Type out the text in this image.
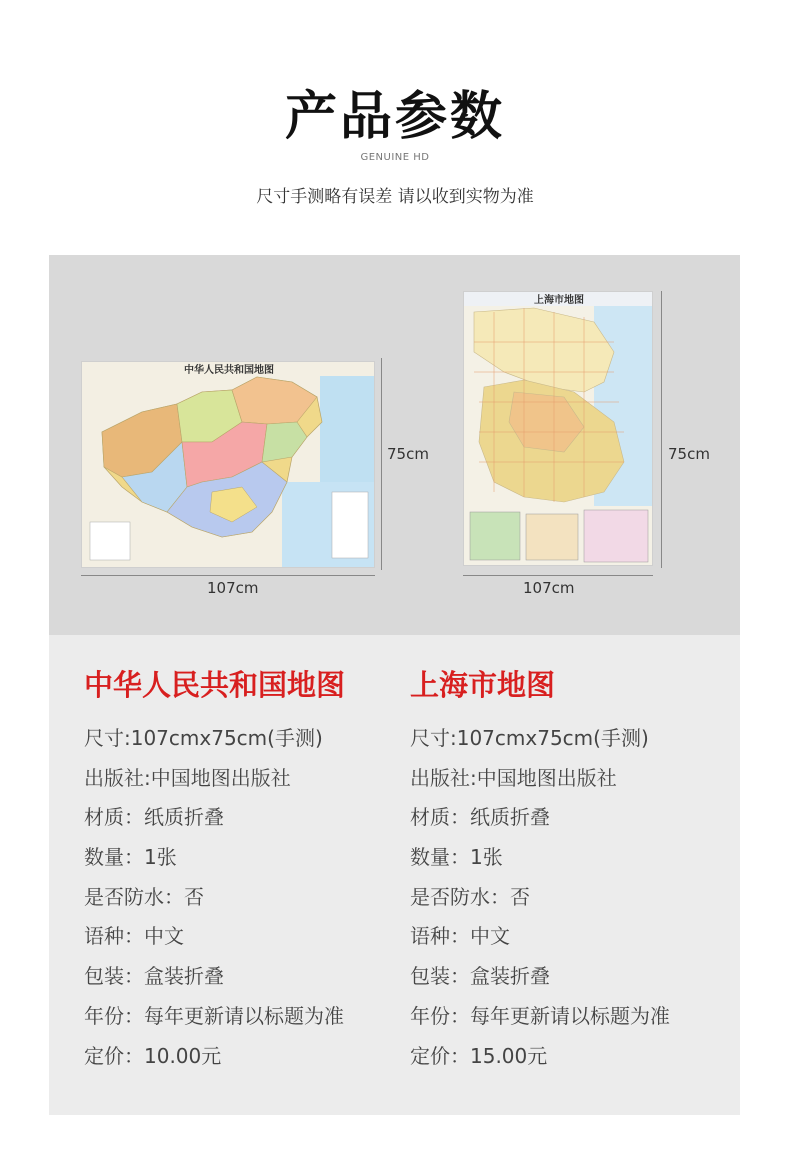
产品参数
GENUINE HD
尺寸手测略有误差 请以收到实物为准
中华人民共和国地图
75cm
107cm
上海市地图
75cm
107cm
中华人民共和国地图
尺寸:107cmx75cm(手测)
出版社:中国地图出版社
材质：纸质折叠
数量：1张
是否防水：否
语种：中文
包装：盒装折叠
年份：每年更新请以标题为准
定价：10.00元
上海市地图
尺寸:107cmx75cm(手测)
出版社:中国地图出版社
材质：纸质折叠
数量：1张
是否防水：否
语种：中文
包装：盒装折叠
年份：每年更新请以标题为准
定价：15.00元
